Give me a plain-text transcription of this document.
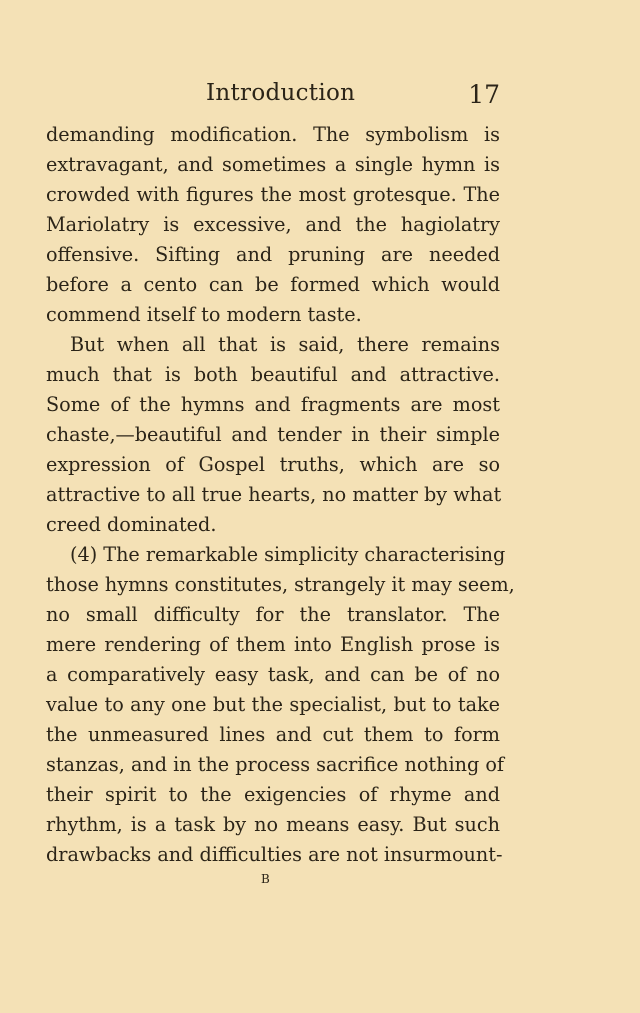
Introduction	17
demanding modification. The symbolism is
extravagant, and sometimes a single hymn is
crowded with figures the most grotesque. The
Mariolatry is excessive, and the hagiolatry
offensive. Sifting and pruning are needed
before a cento can be formed which would
commend itself to modern taste.
But when all that is said, there remains
much that is both beautiful and attractive.
Some of the hymns and fragments are most
chaste,—beautiful and tender in their simple
expression of Gospel truths, which are so
attractive to all true hearts, no matter by what
creed dominated.
(4) The remarkable simplicity characterising
those hymns constitutes, strangely it may seem,
no small difficulty for the translator. The
mere rendering of them into English prose is
a comparatively easy task, and can be of no
value to any one but the specialist, but to take
the unmeasured lines and cut them to form
stanzas, and in the process sacrifice nothing of
their spirit to the exigencies of rhyme and
rhythm, is a task by no means easy. But such
drawbacks and difficulties are not insurmount-
B
